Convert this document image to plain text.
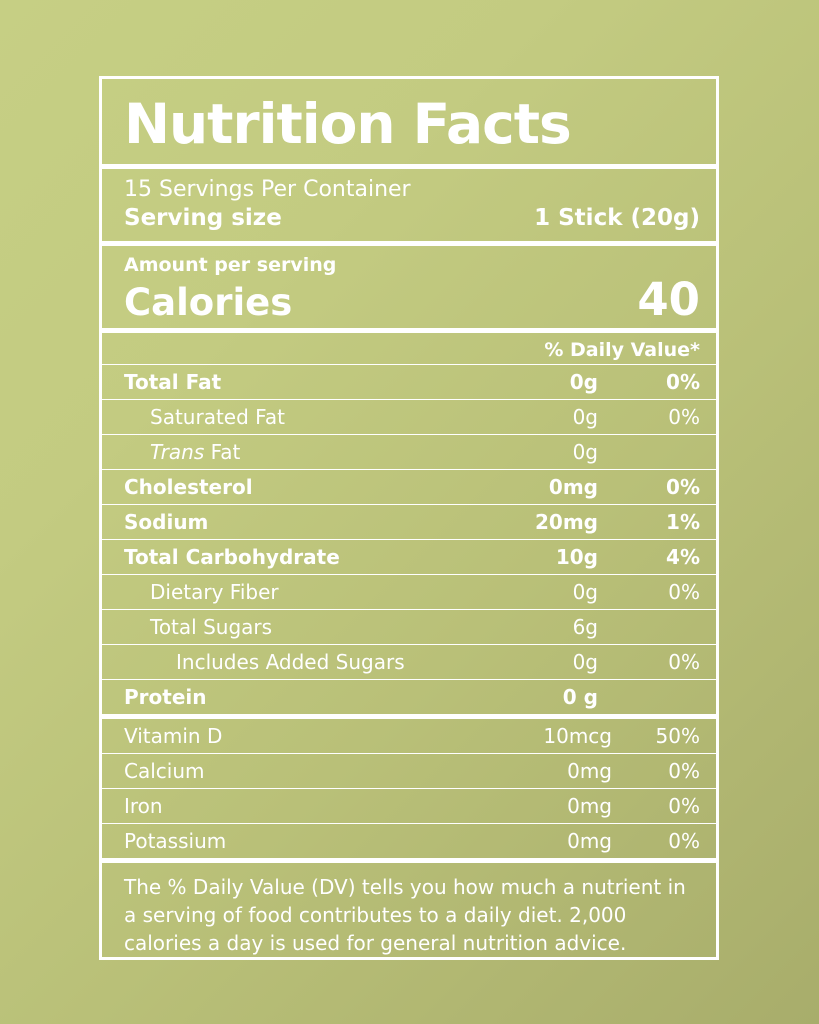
Nutrition Facts
15 Servings Per Container
Serving size	1 Stick (20g)
Amount per serving
Calories	40
% Daily Value*
Total Fat	0g	0%
Saturated Fat	0g	0%
Trans Fat	0g
Cholesterol	0mg	0%
Sodium	20mg	1%
Total Carbohydrate	10g	4%
Dietary Fiber	0g	0%
Total Sugars	6g
Includes Added Sugars	0g	0%
Protein	0 g
Vitamin D	10mcg	50%
Calcium	0mg	0%
Iron	0mg	0%
Potassium	0mg	0%
The % Daily Value (DV) tells you how much a nutrient in a serving of food contributes to a daily diet. 2,000 calories a day is used for general nutrition advice.
